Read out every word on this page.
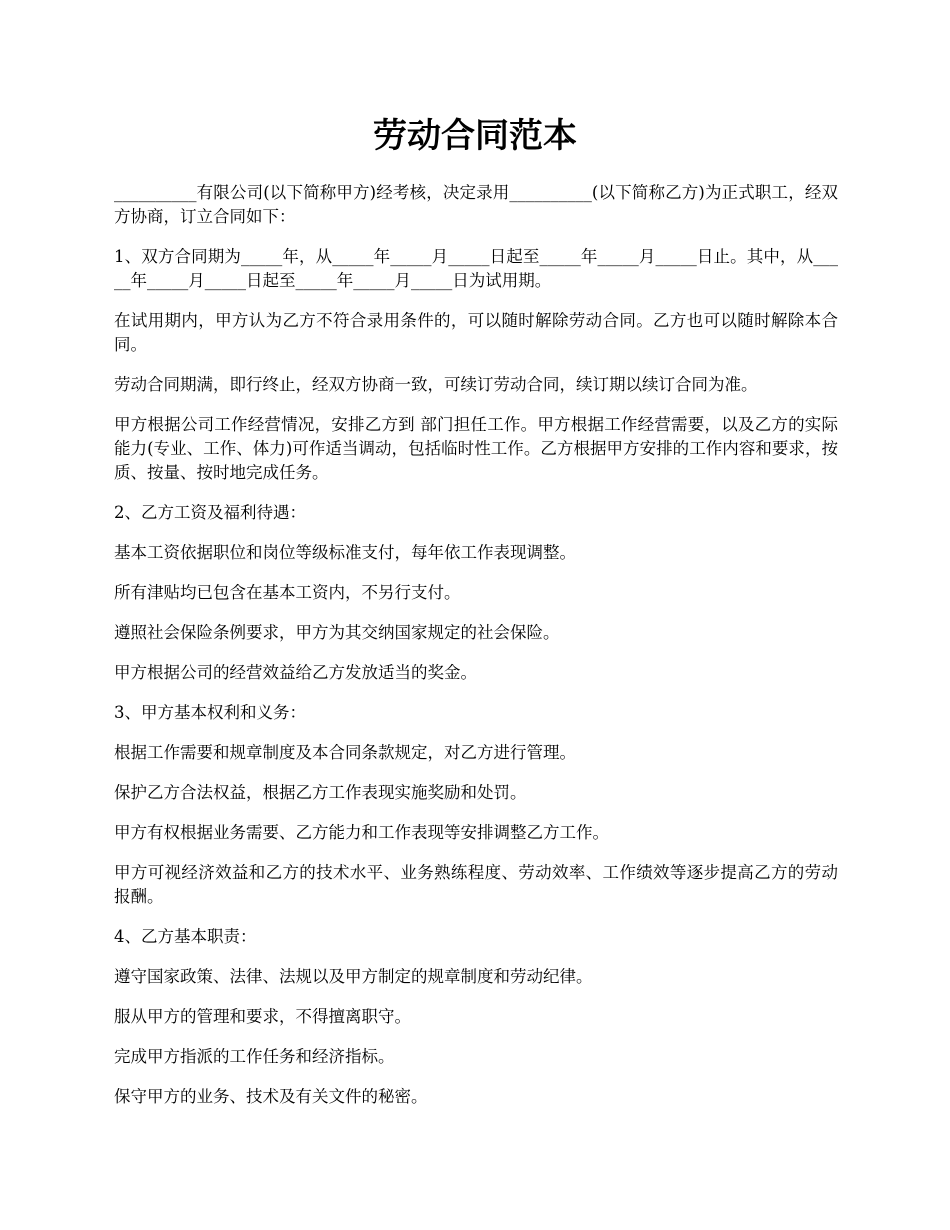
劳动合同范本

__________有限公司(以下简称甲方)经考核，决定录用__________(以下简称乙方)为正式职工，经双方协商，订立合同如下：

1、双方合同期为_____年，从_____年_____月_____日起至_____年_____月_____日止。其中，从_____年_____月_____日起至_____年_____月_____日为试用期。

在试用期内，甲方认为乙方不符合录用条件的，可以随时解除劳动合同。乙方也可以随时解除本合同。

劳动合同期满，即行终止，经双方协商一致，可续订劳动合同，续订期以续订合同为准。

甲方根据公司工作经营情况，安排乙方到 部门担任工作。甲方根据工作经营需要，以及乙方的实际能力(专业、工作、体力)可作适当调动，包括临时性工作。乙方根据甲方安排的工作内容和要求，按质、按量、按时地完成任务。

2、乙方工资及福利待遇：

基本工资依据职位和岗位等级标准支付，每年依工作表现调整。

所有津贴均已包含在基本工资内，不另行支付。

遵照社会保险条例要求，甲方为其交纳国家规定的社会保险。

甲方根据公司的经营效益给乙方发放适当的奖金。

3、甲方基本权利和义务：

根据工作需要和规章制度及本合同条款规定，对乙方进行管理。

保护乙方合法权益，根据乙方工作表现实施奖励和处罚。

甲方有权根据业务需要、乙方能力和工作表现等安排调整乙方工作。

甲方可视经济效益和乙方的技术水平、业务熟练程度、劳动效率、工作绩效等逐步提高乙方的劳动报酬。

4、乙方基本职责：

遵守国家政策、法律、法规以及甲方制定的规章制度和劳动纪律。

服从甲方的管理和要求，不得擅离职守。

完成甲方指派的工作任务和经济指标。

保守甲方的业务、技术及有关文件的秘密。
